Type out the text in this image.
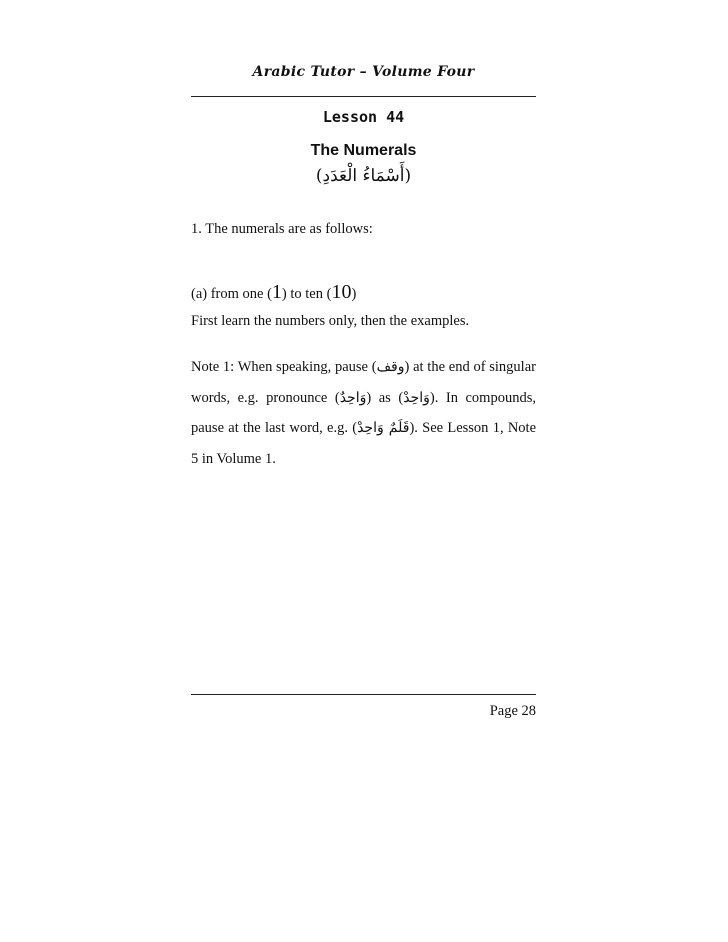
Arabic Tutor – Volume Four
Lesson 44
The Numerals
(أَسْمَاءُ الْعَدَدِ)
1. The numerals are as follows:
(a) from one (1) to ten (10)
First learn the numbers only, then the examples.
Note 1: When speaking, pause (وقف) at the end of singular words, e.g. pronounce (وَاحِدٌ) as (وَاحِدْ). In compounds, pause at the last word, e.g. (قَلَمٌ وَاحِدْ). See Lesson 1, Note 5 in Volume 1.
Page 28
